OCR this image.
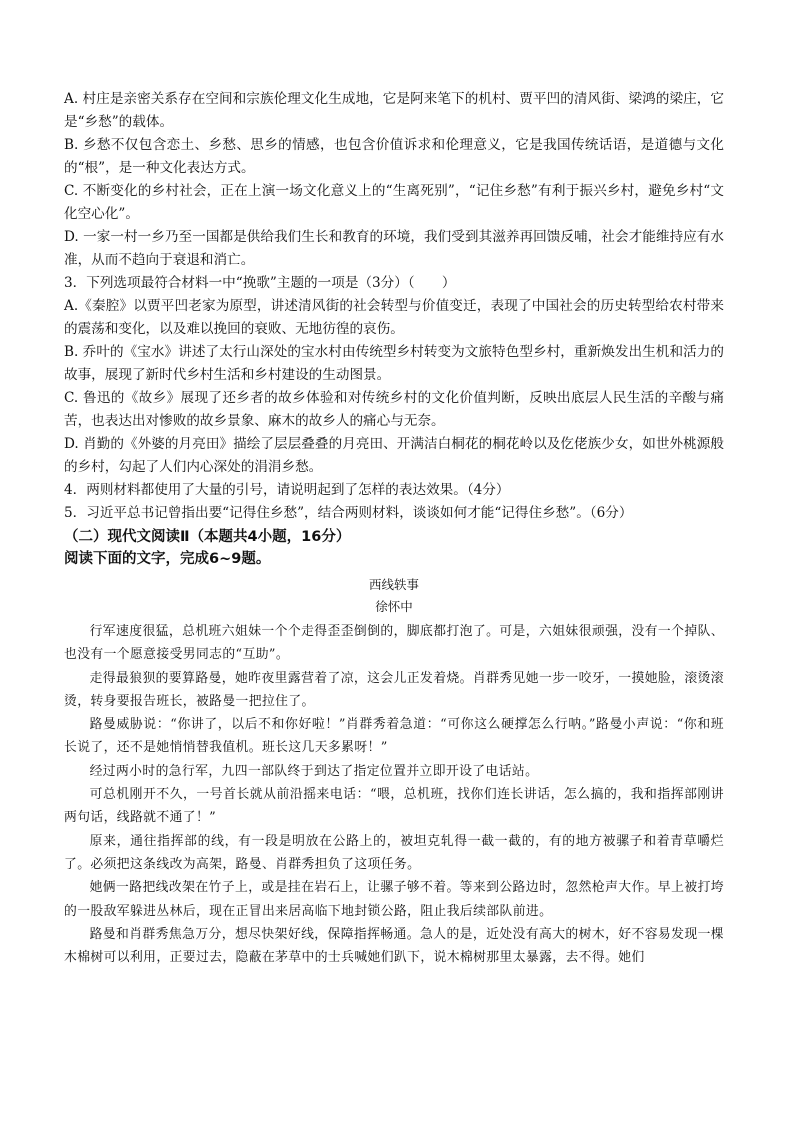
A. 村庄是亲密关系存在空间和宗族伦理文化生成地，它是阿来笔下的机村、贾平凹的清风街、梁鸿的梁庄，它是“乡愁”的载体。

B. 乡愁不仅包含恋土、乡愁、思乡的情感，也包含价值诉求和伦理意义，它是我国传统话语，是道德与文化的“根”，是一种文化表达方式。

C. 不断变化的乡村社会，正在上演一场文化意义上的“生离死别”，“记住乡愁”有利于振兴乡村，避免乡村“文化空心化”。

D. 一家一村一乡乃至一国都是供给我们生长和教育的环境，我们受到其滋养再回馈反哺，社会才能维持应有水准，从而不趋向于衰退和消亡。

3．下列选项最符合材料一中“挽歌”主题的一项是（3分）（　　）

A.《秦腔》以贾平凹老家为原型，讲述清风街的社会转型与价值变迁，表现了中国社会的历史转型给农村带来的震荡和变化，以及难以挽回的衰败、无地彷徨的哀伤。

B. 乔叶的《宝水》讲述了太行山深处的宝水村由传统型乡村转变为文旅特色型乡村，重新焕发出生机和活力的故事，展现了新时代乡村生活和乡村建设的生动图景。

C. 鲁迅的《故乡》展现了还乡者的故乡体验和对传统乡村的文化价值判断，反映出底层人民生活的辛酸与痛苦，也表达出对惨败的故乡景象、麻木的故乡人的痛心与无奈。

D. 肖勤的《外婆的月亮田》描绘了层层叠叠的月亮田、开满洁白桐花的桐花岭以及仡佬族少女，如世外桃源般的乡村，勾起了人们内心深处的涓涓乡愁。

4．两则材料都使用了大量的引号，请说明起到了怎样的表达效果。（4分）

5．习近平总书记曾指出要“记得住乡愁”，结合两则材料，谈谈如何才能“记得住乡愁”。（6分）

（二）现代文阅读Ⅱ（本题共4小题，16分）
阅读下面的文字，完成6~9题。
西线轶事
徐怀中

行军速度很猛，总机班六姐妹一个个走得歪歪倒倒的，脚底都打泡了。可是，六姐妹很顽强，没有一个掉队、也没有一个愿意接受男同志的“互助”。

走得最狼狈的要算路曼，她昨夜里露营着了凉，这会儿正发着烧。肖群秀见她一步一咬牙，一摸她脸，滚烫滚烫，转身要报告班长，被路曼一把拉住了。

路曼威胁说：“你讲了，以后不和你好啦！”肖群秀着急道：“可你这么硬撑怎么行呐。”路曼小声说：“你和班长说了，还不是她悄悄替我值机。班长这几天多累呀！”

经过两小时的急行军，九四一部队终于到达了指定位置并立即开设了电话站。

可总机刚开不久，一号首长就从前沿摇来电话：“喂，总机班，找你们连长讲话，怎么搞的，我和指挥部刚讲两句话，线路就不通了！”

原来，通往指挥部的线，有一段是明放在公路上的，被坦克轧得一截一截的，有的地方被骡子和着青草嚼烂了。必须把这条线改为高架，路曼、肖群秀担负了这项任务。

她俩一路把线改架在竹子上，或是挂在岩石上，让骡子够不着。等来到公路边时，忽然枪声大作。早上被打垮的一股敌军躲进丛林后，现在正冒出来居高临下地封锁公路，阻止我后续部队前进。

路曼和肖群秀焦急万分，想尽快架好线，保障指挥畅通。急人的是，近处没有高大的树木，好不容易发现一棵木棉树可以利用，正要过去，隐蔽在茅草中的士兵喊她们趴下，说木棉树那里太暴露，去不得。她们
